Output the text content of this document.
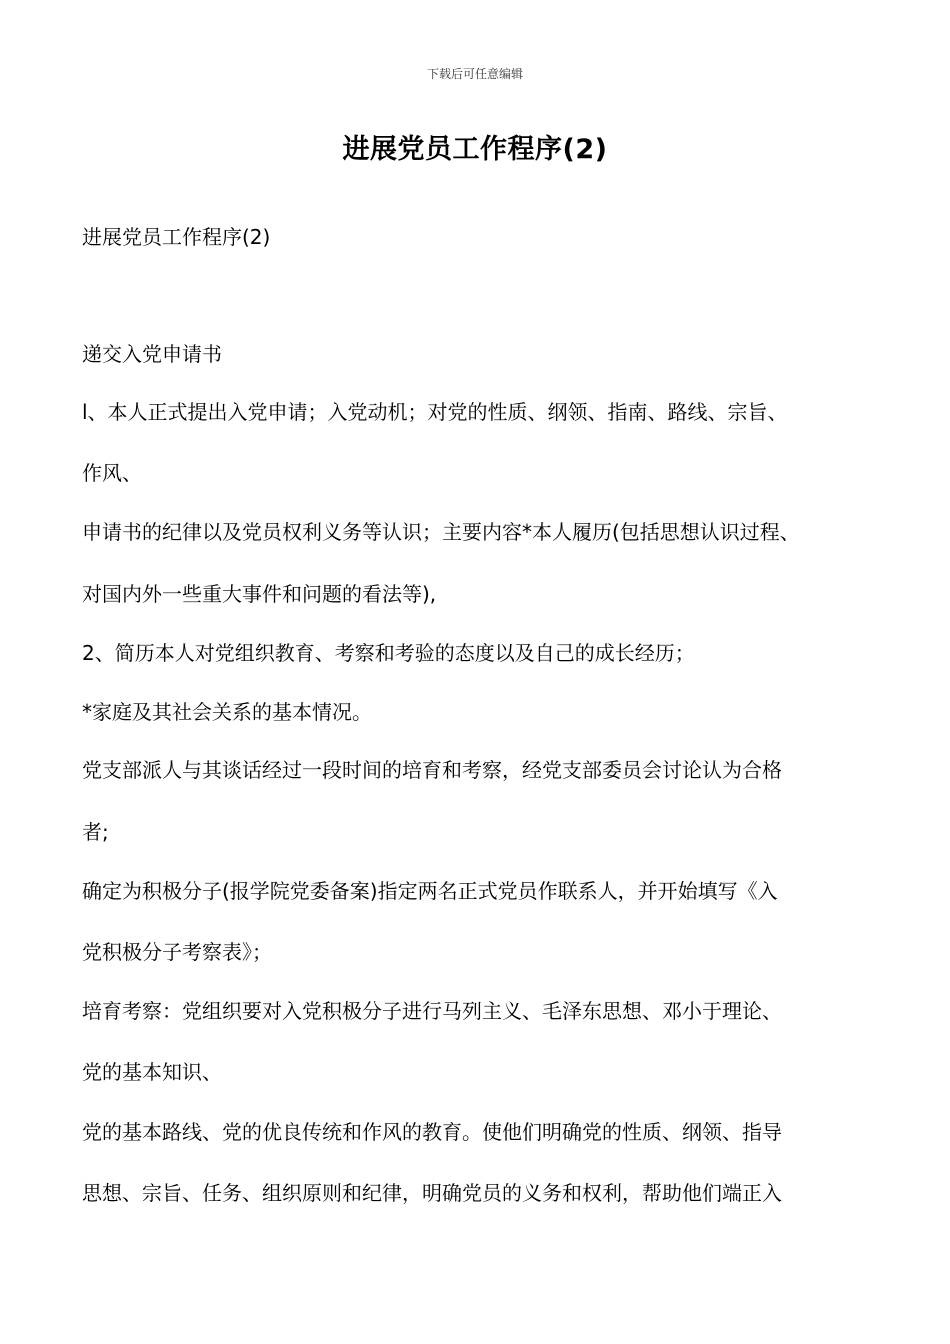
下载后可任意编辑
进展党员工作程序(2)
进展党员工作程序(2)
递交入党申请书
l、本人正式提出入党申请；入党动机；对党的性质、纲领、指南、路线、宗旨、
作风、
申请书的纪律以及党员权利义务等认识；主要内容*本人履历(包括思想认识过程、
对国内外一些重大事件和问题的看法等),
2、简历本人对党组织教育、考察和考验的态度以及自己的成长经历；
*家庭及其社会关系的基本情况。
党支部派人与其谈话经过一段时间的培育和考察，经党支部委员会讨论认为合格
者;
确定为积极分子(报学院党委备案)指定两名正式党员作联系人，并开始填写《入
党积极分子考察表》；
培育考察：党组织要对入党积极分子进行马列主义、毛泽东思想、邓小于理论、
党的基本知识、
党的基本路线、党的优良传统和作风的教育。使他们明确党的性质、纲领、指导
思想、宗旨、任务、组织原则和纪律，明确党员的义务和权利，帮助他们端正入
